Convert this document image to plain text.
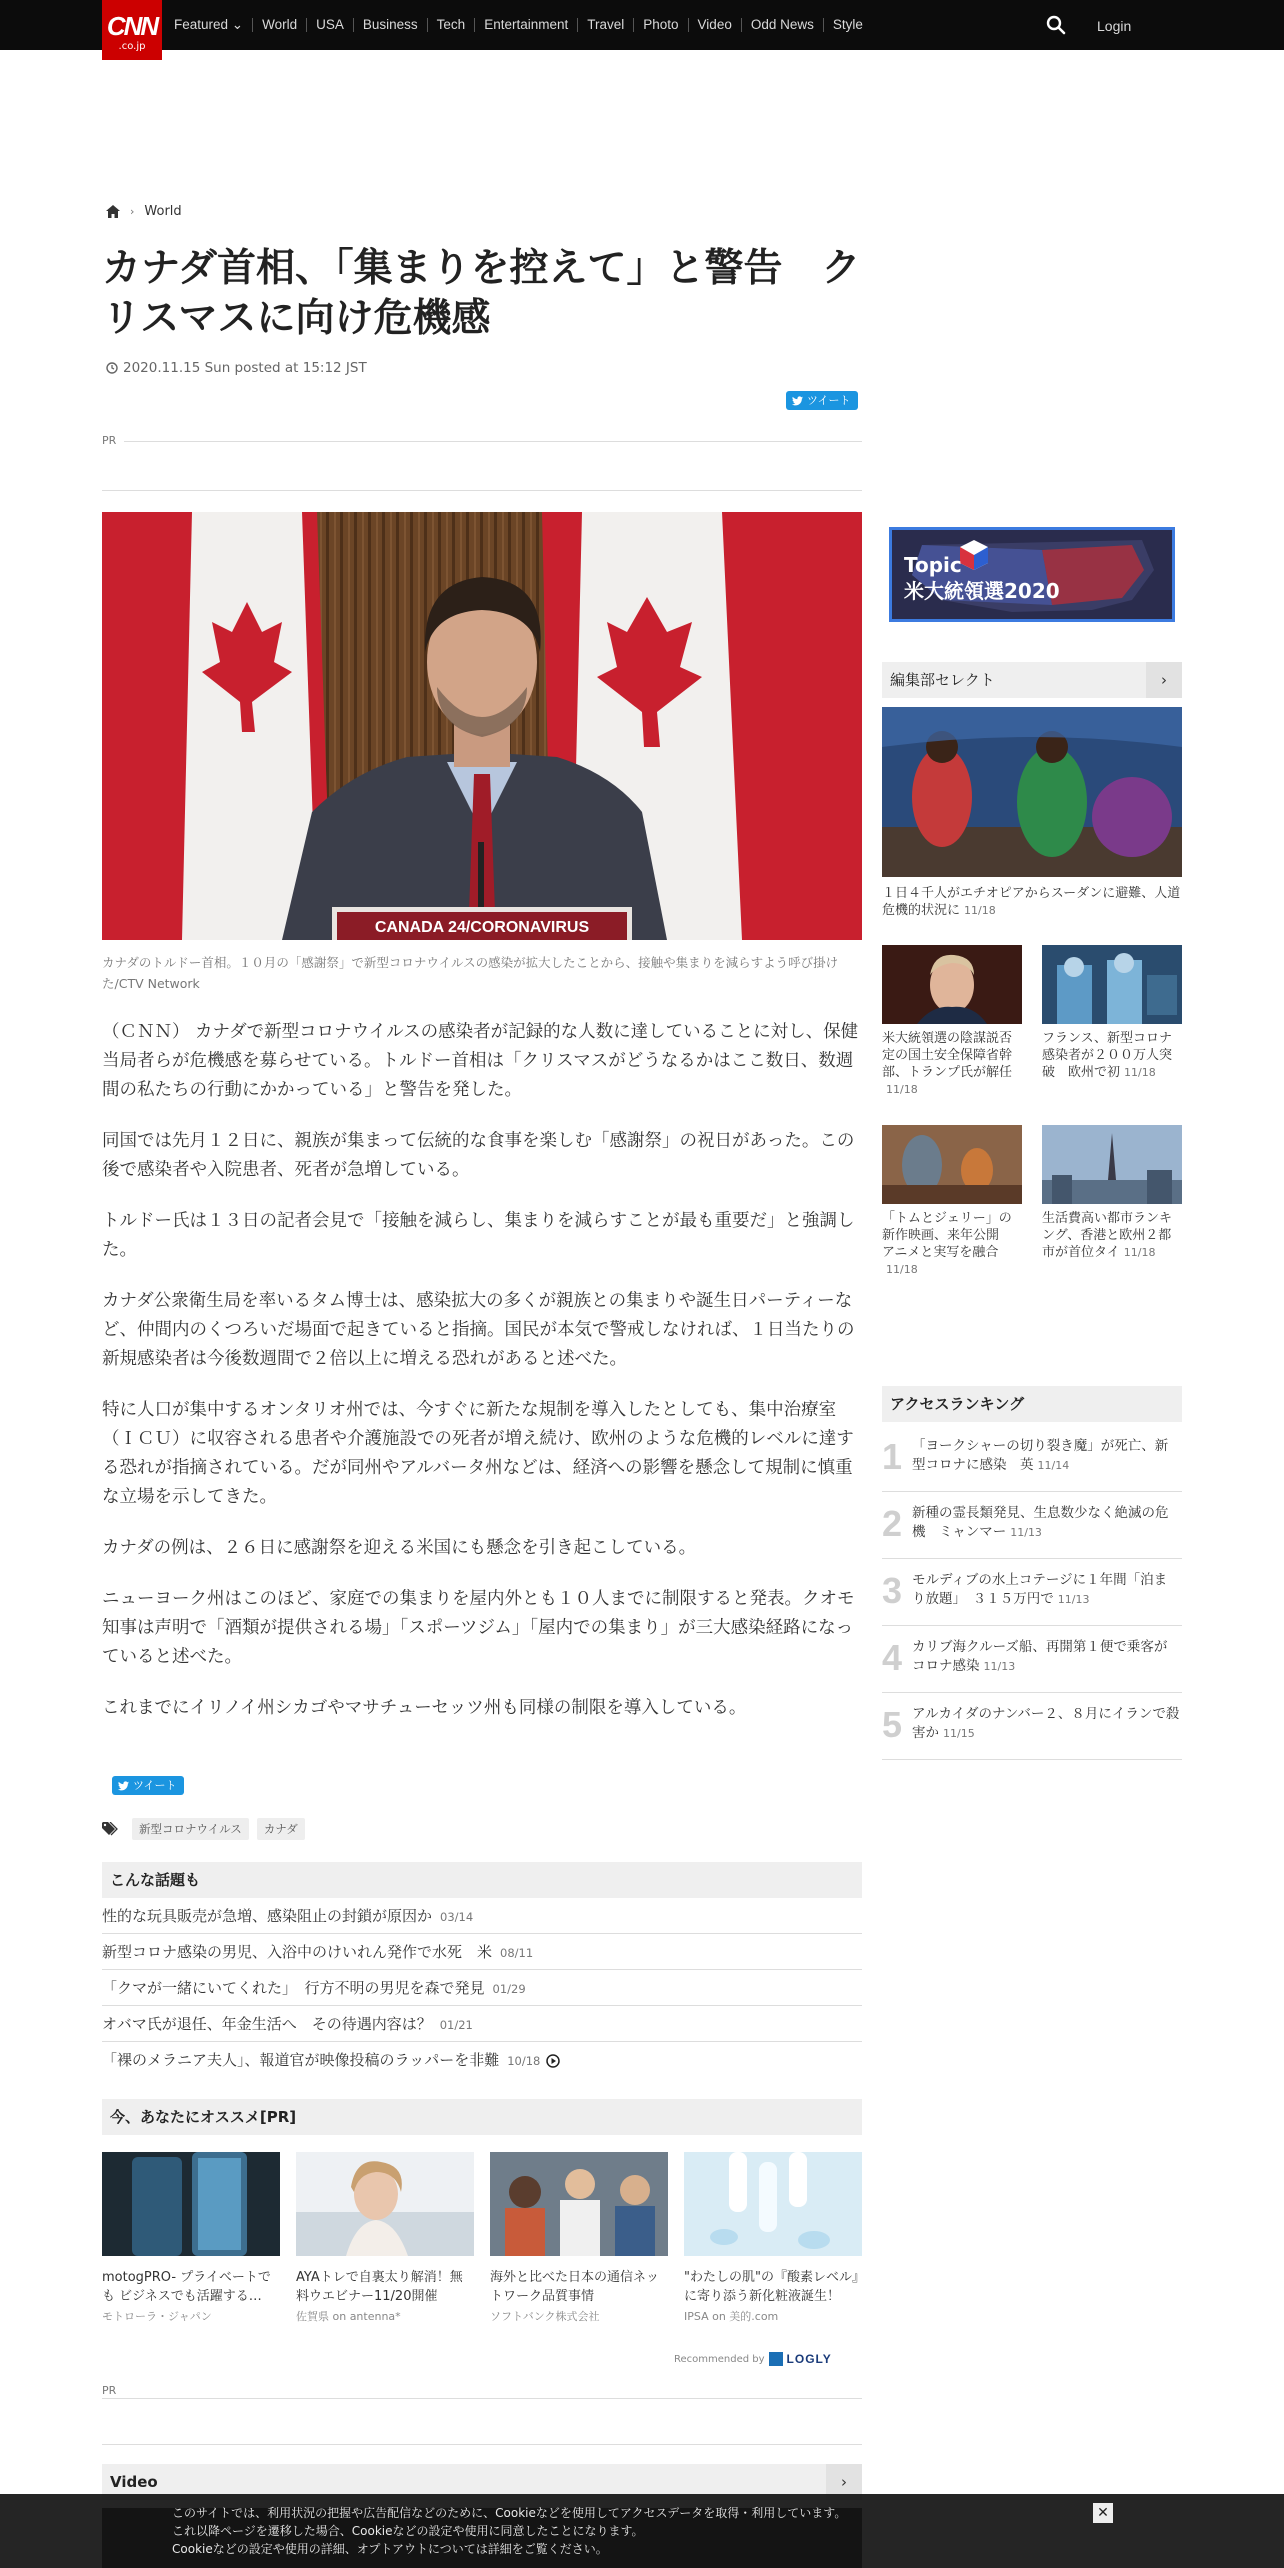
Featured ⌄	World	USA	Business	Tech	Entertainment	Travel	Photo	Video	Odd News	Style	Login
CNN
.co.jp
› World
カナダ首相、「集まりを控えて」と警告　クリスマスに向け危機感
2020.11.15 Sun posted at 15:12 JST
ツイート
PR
CANADA 24/CORONAVIRUS
カナダのトルドー首相。１０月の「感謝祭」で新型コロナウイルスの感染が拡大したことから、接触や集まりを減らすよう呼び掛けた/CTV Network

（ＣＮＮ） カナダで新型コロナウイルスの感染者が記録的な人数に達していることに対し、保健当局者らが危機感を募らせている。トルドー首相は「クリスマスがどうなるかはここ数日、数週間の私たちの行動にかかっている」と警告を発した。

同国では先月１２日に、親族が集まって伝統的な食事を楽しむ「感謝祭」の祝日があった。この後で感染者や入院患者、死者が急増している。

トルドー氏は１３日の記者会見で「接触を減らし、集まりを減らすことが最も重要だ」と強調した。

カナダ公衆衛生局を率いるタム博士は、感染拡大の多くが親族との集まりや誕生日パーティーなど、仲間内のくつろいだ場面で起きていると指摘。国民が本気で警戒しなければ、１日当たりの新規感染者は今後数週間で２倍以上に増える恐れがあると述べた。

特に人口が集中するオンタリオ州では、今すぐに新たな規制を導入したとしても、集中治療室（ＩＣＵ）に収容される患者や介護施設での死者が増え続け、欧州のような危機的レベルに達する恐れが指摘されている。だが同州やアルバータ州などは、経済への影響を懸念して規制に慎重な立場を示してきた。

カナダの例は、２６日に感謝祭を迎える米国にも懸念を引き起こしている。

ニューヨーク州はこのほど、家庭での集まりを屋内外とも１０人までに制限すると発表。クオモ知事は声明で「酒類が提供される場」「スポーツジム」「屋内での集まり」が三大感染経路になっていると述べた。

これまでにイリノイ州シカゴやマサチューセッツ州も同様の制限を導入している。

ツイート
新型コロナウイルス	カナダ
こんな話題も
性的な玩具販売が急増、感染阻止の封鎖が原因か 03/14
新型コロナ感染の男児、入浴中のけいれん発作で水死　米 08/11
「クマが一緒にいてくれた」　行方不明の男児を森で発見 01/29
オバマ氏が退任、年金生活へ　その待遇内容は？ 01/21
「裸のメラニア夫人」、報道官が映像投稿のラッパーを非難 10/18
今、あなたにオススメ[PR]
motogPRO- プライベートでも ビジネスでも活躍する…
モトローラ・ジャパン
AYAトレで自裏太り解消！無料ウエビナー11/20開催
佐賀県 on antenna*
海外と比べた日本の通信ネットワーク品質事情
ソフトバンク株式会社
"わたしの肌"の『酸素レベル』に寄り添う新化粧液誕生！
IPSA on 美的.com
Recommended by LOGLY
PR
Video	›
Topic
米大統領選2020
編集部セレクト	›
１日４千人がエチオピアからスーダンに避難、人道危機的状況に 11/18
米大統領選の陰謀説否定の国土安全保障省幹部、トランプ氏が解任11/18
フランス、新型コロナ感染者が２００万人突破　欧州で初 11/18
「トムとジェリー」の新作映画、来年公開　アニメと実写を融合11/18
生活費高い都市ランキング、香港と欧州２都市が首位タイ 11/18
アクセスランキング
1 「ヨークシャーの切り裂き魔」が死亡、新型コロナに感染　英 11/14
2 新種の霊長類発見、生息数少なく絶滅の危機　ミャンマー 11/13
3 モルディブの水上コテージに１年間「泊まり放題」　３１５万円で 11/13
4 カリブ海クルーズ船、再開第１便で乗客がコロナ感染 11/13
5 アルカイダのナンバー２、８月にイランで殺害か 11/15
このサイトでは、利用状況の把握や広告配信などのために、Cookieなどを使用してアクセスデータを取得・利用しています。
これ以降ページを遷移した場合、Cookieなどの設定や使用に同意したことになります。
Cookieなどの設定や使用の詳細、オプトアウトについては詳細をご覧ください。
✕
